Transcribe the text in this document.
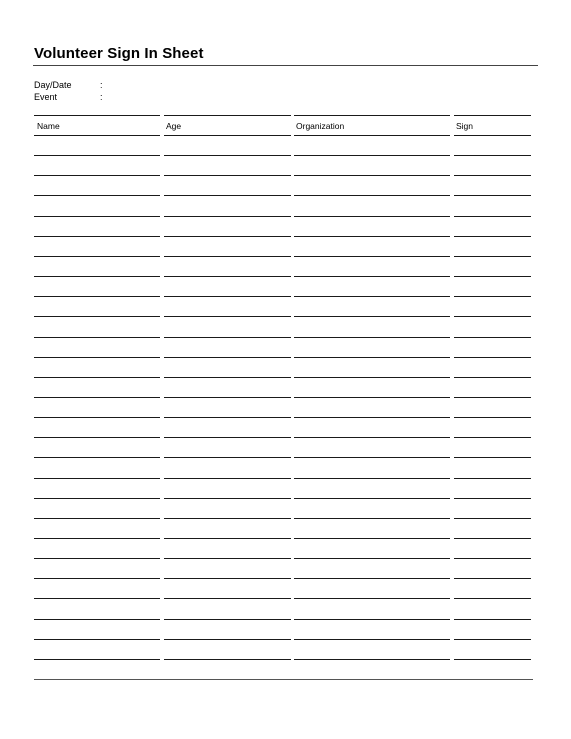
Volunteer Sign In Sheet
Day/Date	:
Event	:
Name	Age	Organization	Sign
